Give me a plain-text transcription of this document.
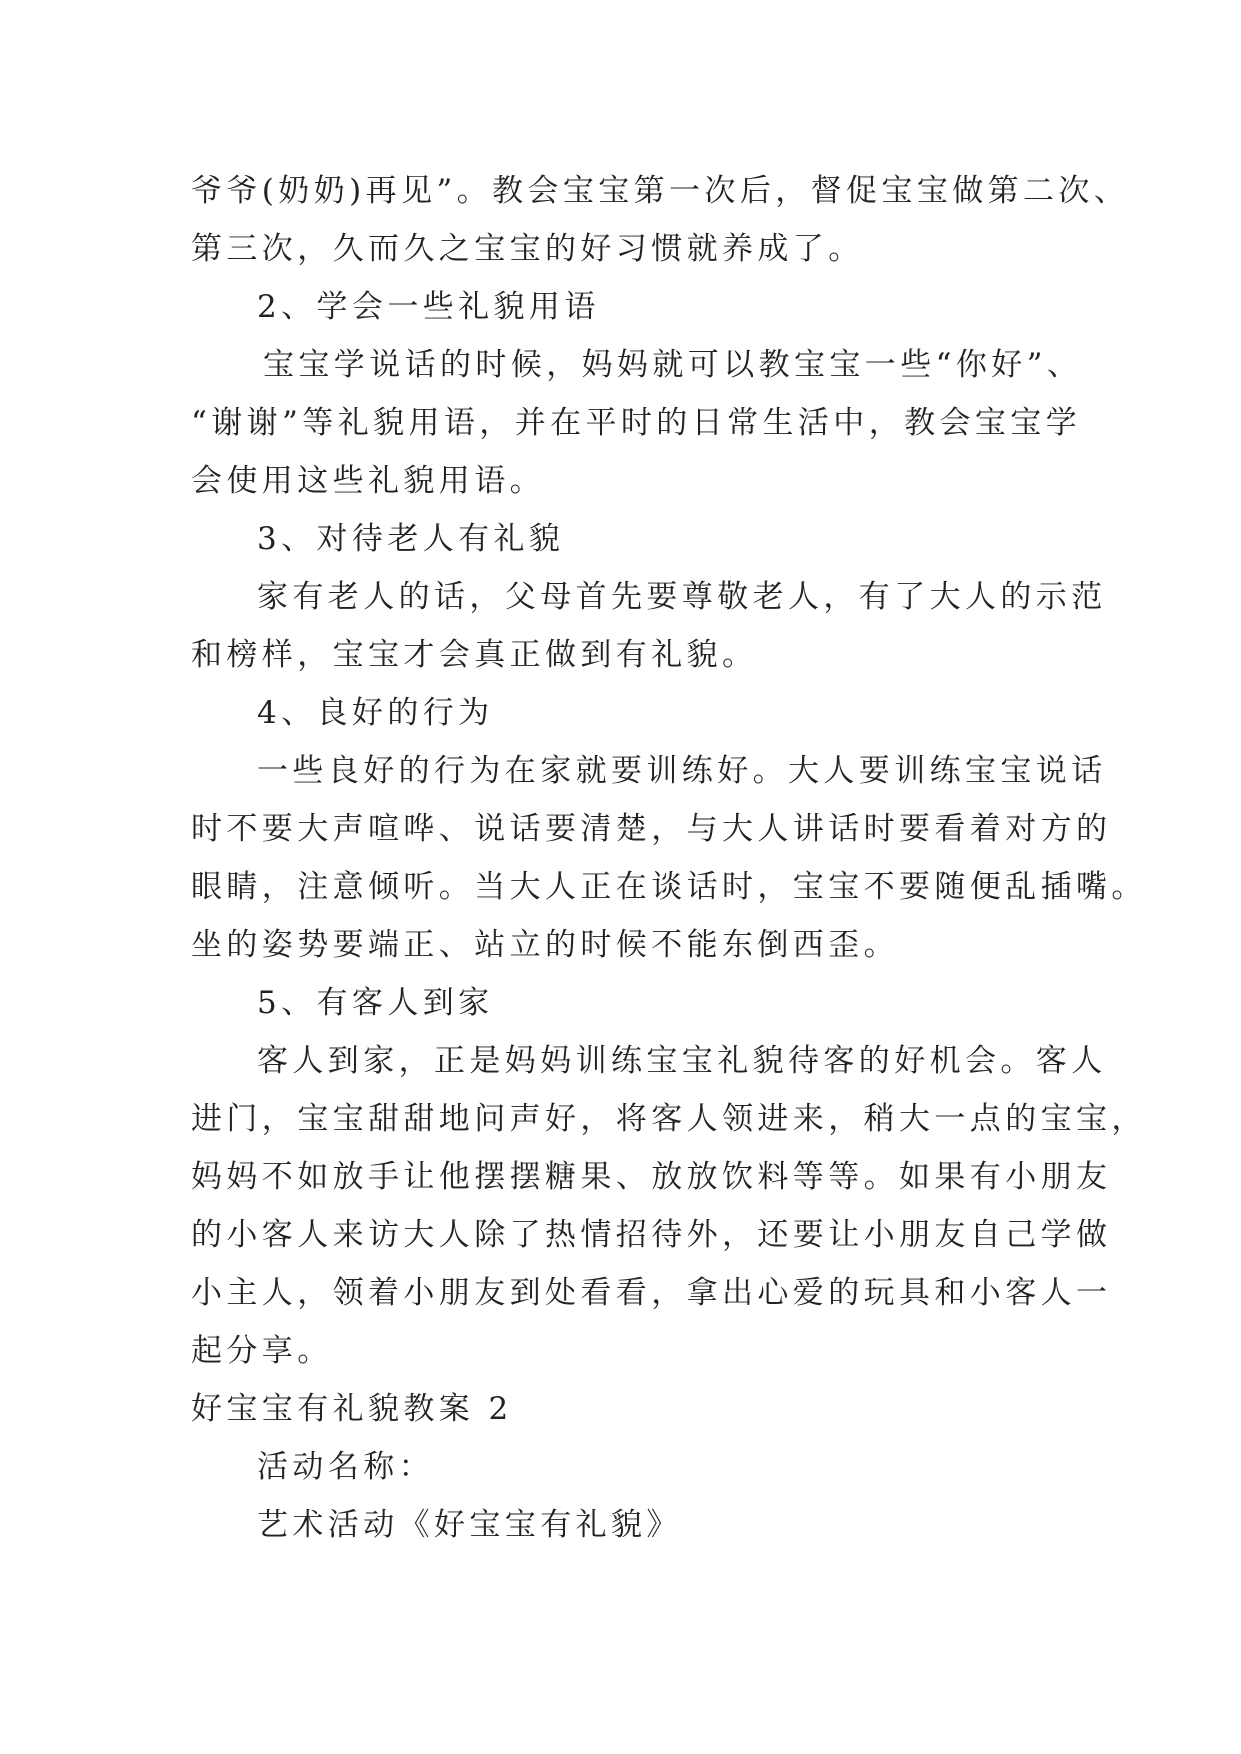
爷爷(奶奶)再见”。教会宝宝第一次后，督促宝宝做第二次、
第三次，久而久之宝宝的好习惯就养成了。
2、学会一些礼貌用语
宝宝学说话的时候，妈妈就可以教宝宝一些“你好”、
“谢谢”等礼貌用语，并在平时的日常生活中，教会宝宝学
会使用这些礼貌用语。
3、对待老人有礼貌
家有老人的话，父母首先要尊敬老人，有了大人的示范
和榜样，宝宝才会真正做到有礼貌。
4、良好的行为
一些良好的行为在家就要训练好。大人要训练宝宝说话
时不要大声喧哗、说话要清楚，与大人讲话时要看着对方的
眼睛，注意倾听。当大人正在谈话时，宝宝不要随便乱插嘴。
坐的姿势要端正、站立的时候不能东倒西歪。
5、有客人到家
客人到家，正是妈妈训练宝宝礼貌待客的好机会。客人
进门，宝宝甜甜地问声好，将客人领进来，稍大一点的宝宝，
妈妈不如放手让他摆摆糖果、放放饮料等等。如果有小朋友
的小客人来访大人除了热情招待外，还要让小朋友自己学做
小主人，领着小朋友到处看看，拿出心爱的玩具和小客人一
起分享。
好宝宝有礼貌教案 2
活动名称：
艺术活动《好宝宝有礼貌》
